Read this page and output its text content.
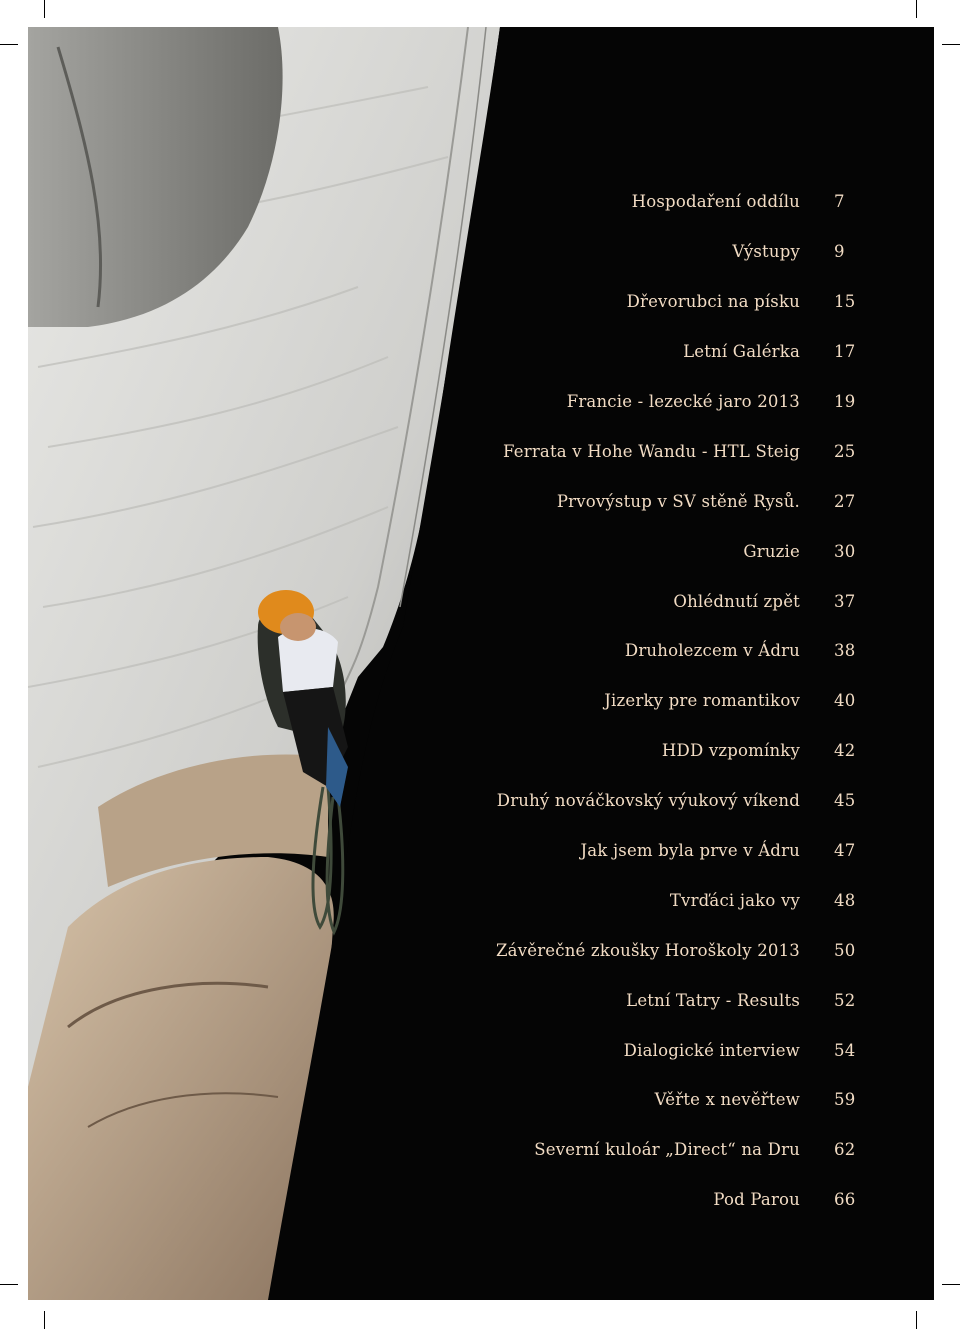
Hospodaření oddílu	7
Výstupy	9
Dřevorubci na písku	15
Letní Galérka	17
Francie - lezecké jaro 2013	19
Ferrata v Hohe Wandu - HTL Steig	25
Prvovýstup v SV stěně Rysů.	27
Gruzie	30
Ohlédnutí zpět	37
Druholezcem v Ádru	38
Jizerky pre romantikov	40
HDD vzpomínky	42
Druhý nováčkovský výukový víkend	45
Jak jsem byla prve v Ádru	47
Tvrďáci jako vy	48
Závěrečné zkoušky Horoškoly 2013	50
Letní Tatry - Results	52
Dialogické interview	54
Věřte x nevěřtew	59
Severní kuloár „Direct“ na Dru	62
Pod Parou	66
